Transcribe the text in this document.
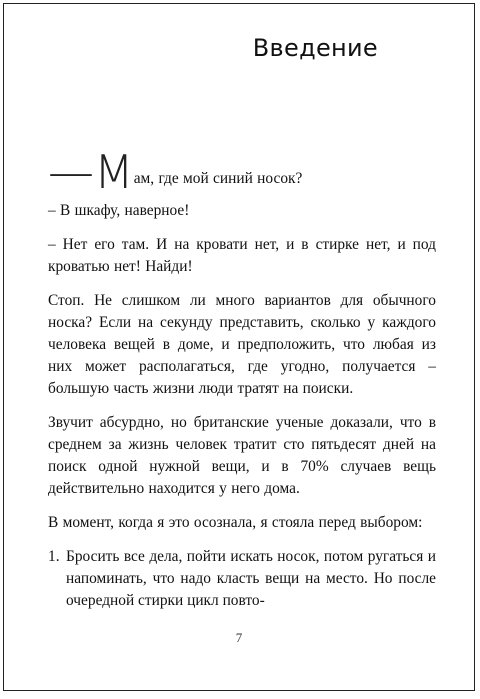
Введение

—Мам, где мой синий носок?

– В шкафу, наверное!

– Нет его там. И на кровати нет, и в стирке нет, и под кроватью нет! Найди!

Стоп. Не слишком ли много вариантов для обычного носка? Если на секунду представить, сколько у каждого человека вещей в доме, и предположить, что любая из них может располагаться, где угодно, получается – большую часть жизни люди тратят на поиски.

Звучит абсурдно, но британские ученые доказали, что в среднем за жизнь человек тратит сто пятьдесят дней на поиск одной нужной вещи, и в 70% случаев вещь действительно находится у него дома.

В момент, когда я это осознала, я стояла перед выбором:

1. Бросить все дела, пойти искать носок, потом ругаться и напоминать, что надо класть вещи на место. Но после очередной стирки цикл повто-
7
